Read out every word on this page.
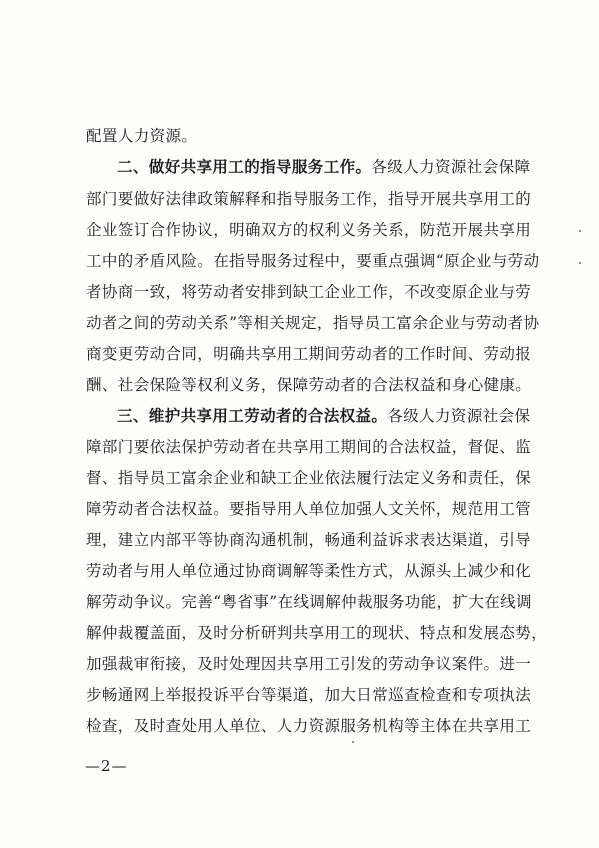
配置人力资源。
二、做好共享用工的指导服务工作。各级人力资源社会保障
部门要做好法律政策解释和指导服务工作，指导开展共享用工的
企业签订合作协议，明确双方的权利义务关系，防范开展共享用
工中的矛盾风险。在指导服务过程中，要重点强调“原企业与劳动
者协商一致，将劳动者安排到缺工企业工作，不改变原企业与劳
动者之间的劳动关系”等相关规定，指导员工富余企业与劳动者协
商变更劳动合同，明确共享用工期间劳动者的工作时间、劳动报
酬、社会保险等权利义务，保障劳动者的合法权益和身心健康。
三、维护共享用工劳动者的合法权益。各级人力资源社会保
障部门要依法保护劳动者在共享用工期间的合法权益，督促、监
督、指导员工富余企业和缺工企业依法履行法定义务和责任，保
障劳动者合法权益。要指导用人单位加强人文关怀，规范用工管
理，建立内部平等协商沟通机制，畅通利益诉求表达渠道，引导
劳动者与用人单位通过协商调解等柔性方式，从源头上减少和化
解劳动争议。完善“粤省事”在线调解仲裁服务功能，扩大在线调
解仲裁覆盖面，及时分析研判共享用工的现状、特点和发展态势，
加强裁审衔接，及时处理因共享用工引发的劳动争议案件。进一
步畅通网上举报投诉平台等渠道，加大日常巡查检查和专项执法
检查，及时查处用人单位、人力资源服务机构等主体在共享用工
—2—
